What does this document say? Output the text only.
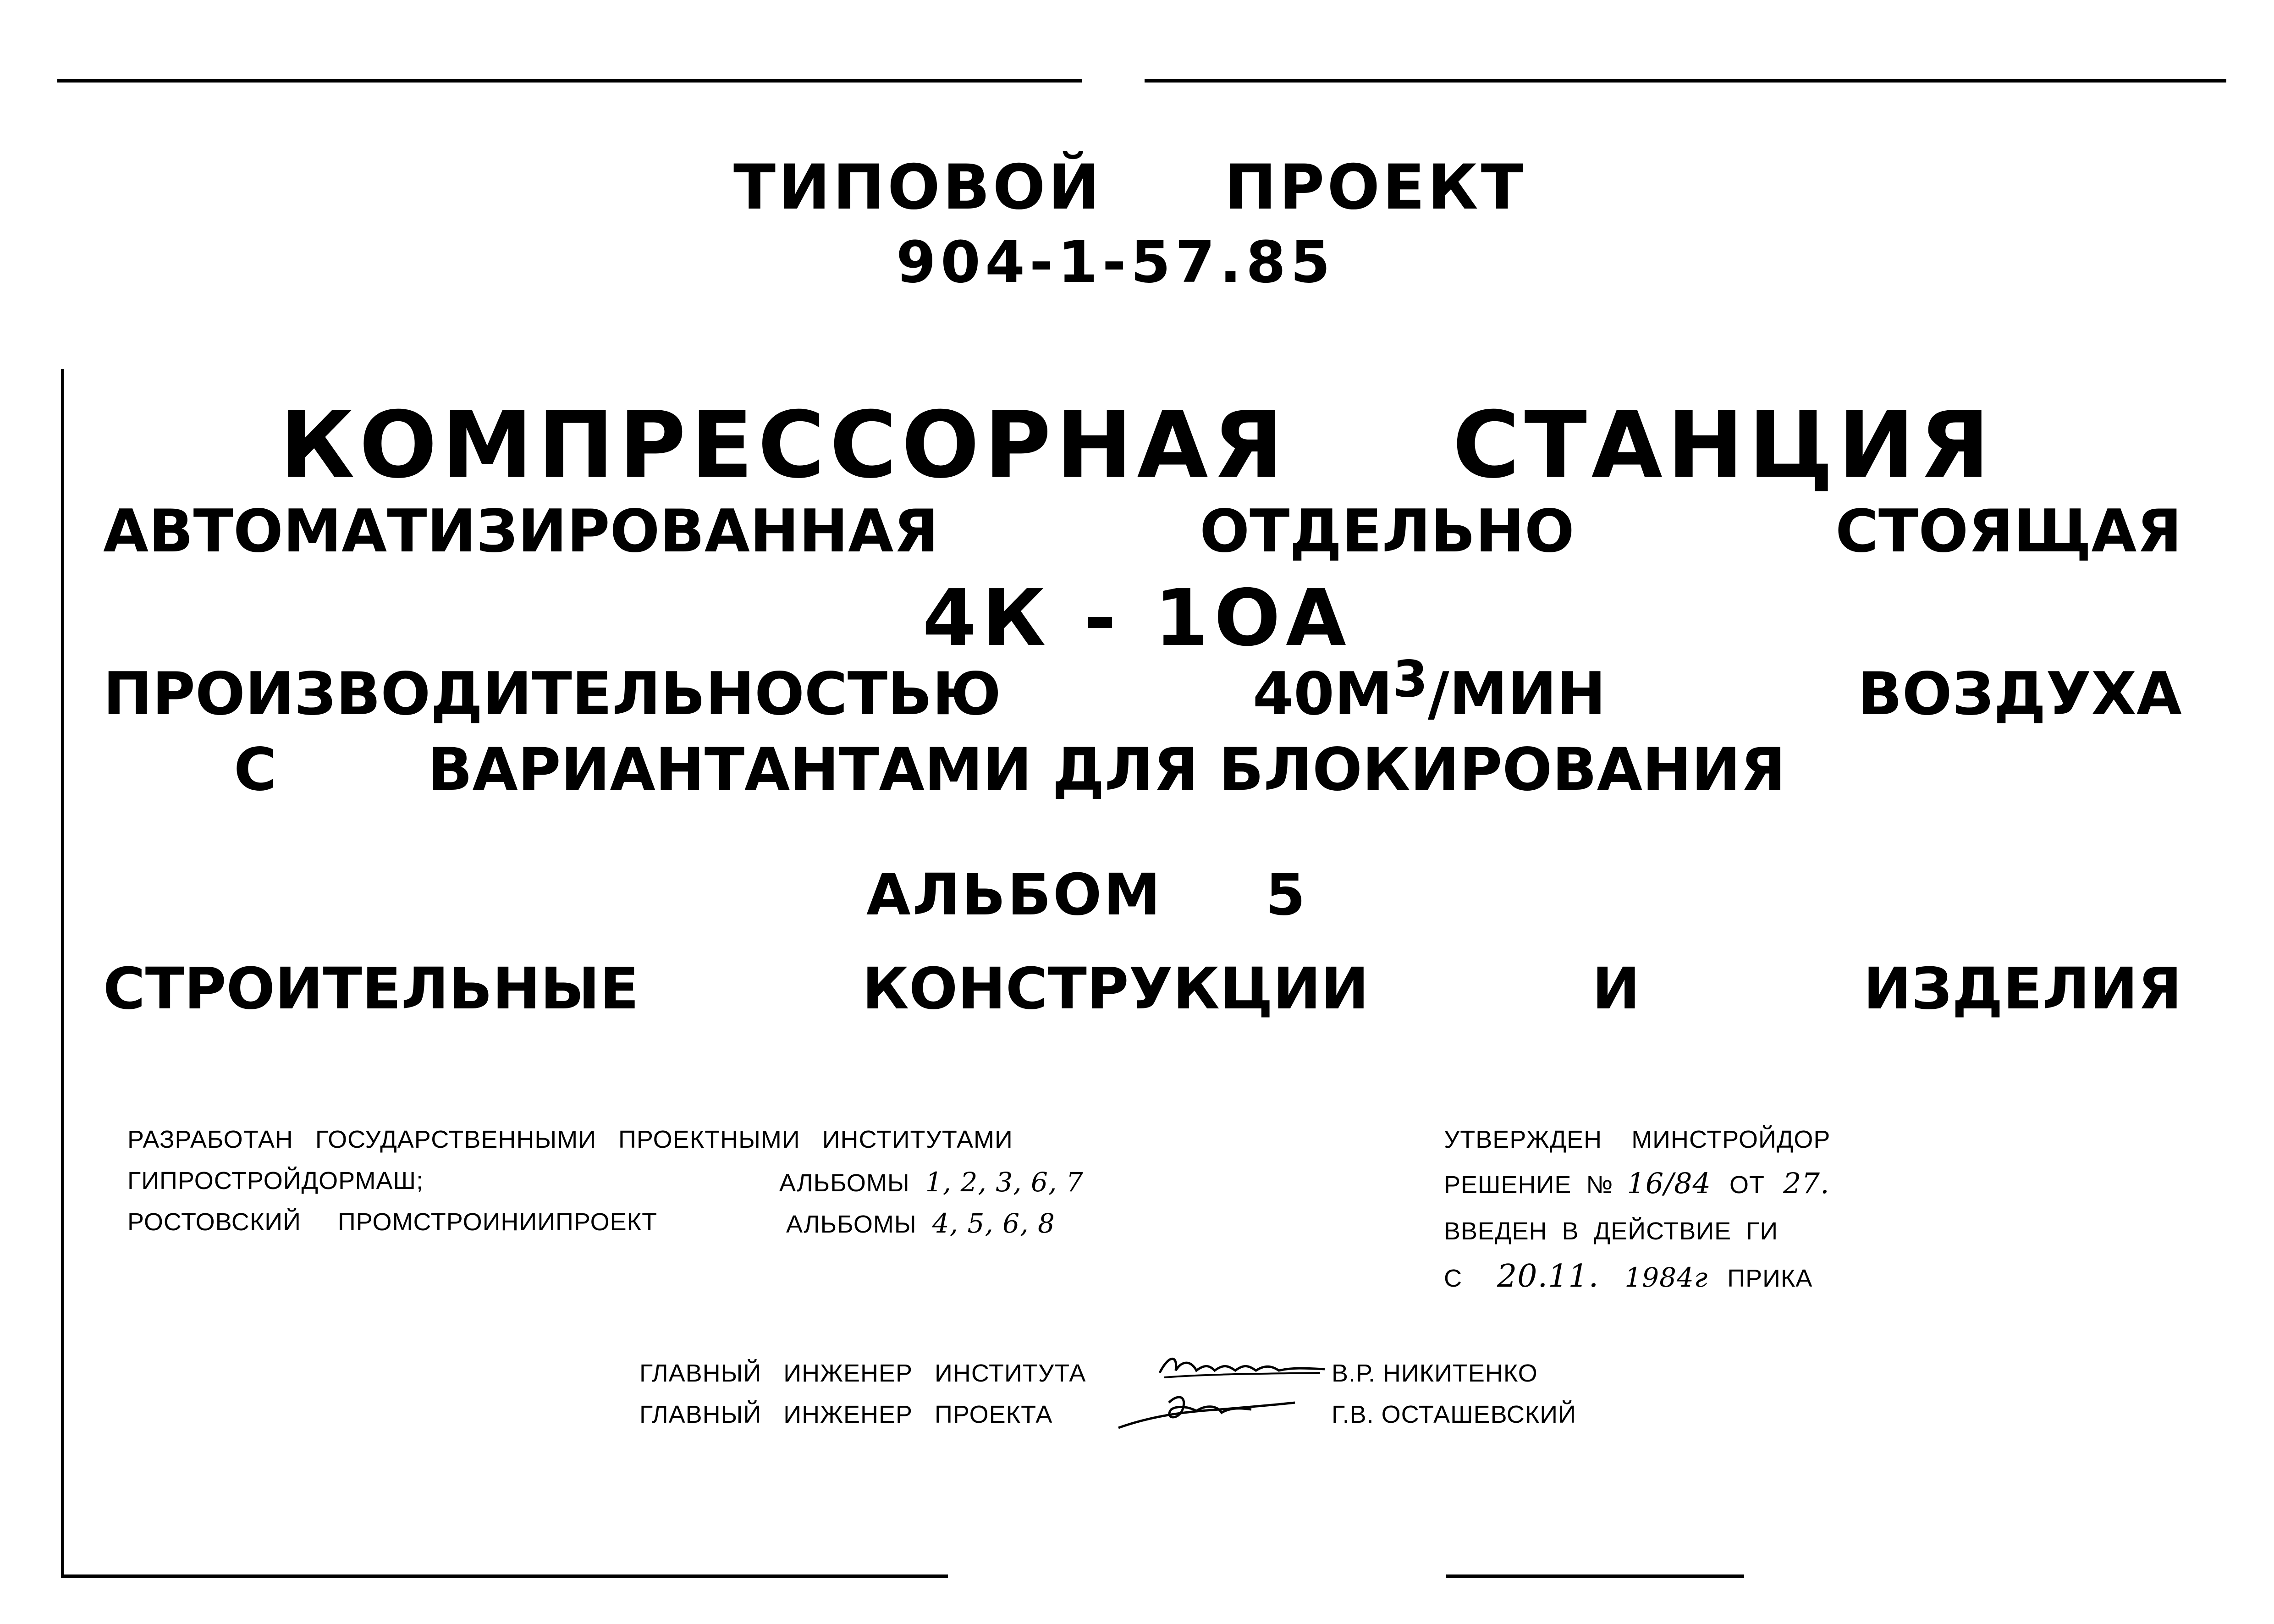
ТИПОВОЙ ПРОЕКТ
904-1-57.85
КОМПРЕССОРНАЯ СТАНЦИЯ
АВТОМАТИЗИРОВАННАЯ	ОТДЕЛЬНО	СТОЯЩАЯ
4К - 1ОА
ПРОИЗВОДИТЕЛЬНОСТЬЮ	$40М^3$/МИН	ВОЗДУХА
С	ВАРИАНТАНТАМИ ДЛЯ БЛОКИРОВАНИЯ
АЛЬБОМ 5
СТРОИТЕЛЬНЫЕ	КОНСТРУКЦИИ	И	ИЗДЕЛИЯ
РАЗРАБОТАН   ГОСУДАРСТВЕННЫМИ   ПРОЕКТНЫМИ   ИНСТИТУТАМИ
ГИПРОСТРОЙДОРМАШ;	АЛЬБОМЫ 1, 2, 3, 6, 7
РОСТОВСКИЙ     ПРОМСТРОИНИИПРОЕКТ	АЛЬБОМЫ 4, 5, 6, 8
УТВЕРЖДЕН    МИНСТРОЙДОР
РЕШЕНИЕ  № 16/84 ОТ 27.
ВВЕДЕН  В  ДЕЙСТВИЕ  ГИ
С 20.11. 1984г ПРИКА
ГЛАВНЫЙ   ИНЖЕНЕР   ИНСТИТУТА	В.Р. НИКИТЕНКО
ГЛАВНЫЙ   ИНЖЕНЕР   ПРОЕКТА	Г.В. ОСТАШЕВСКИЙ
